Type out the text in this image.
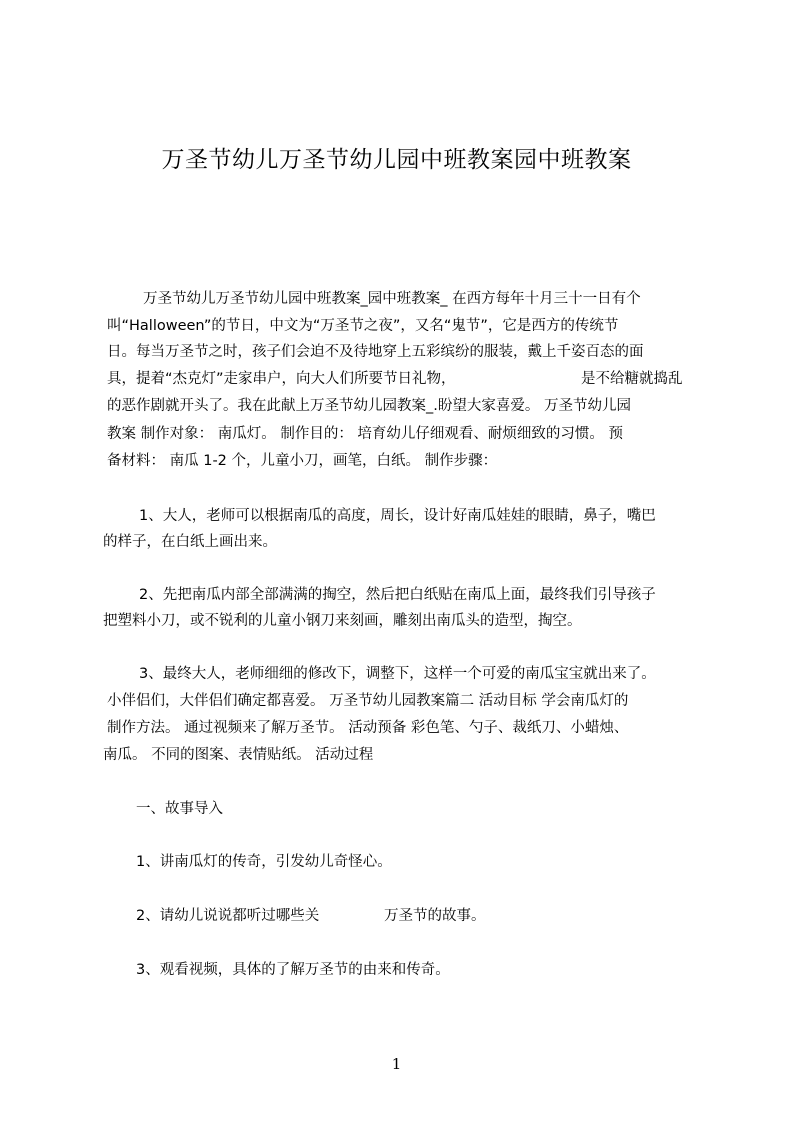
万圣节幼儿万圣节幼儿园中班教案园中班教案
万圣节幼儿万圣节幼儿园中班教案_园中班教案_ 在西方每年十月三十一日有个
叫“Halloween”的节日，中文为“万圣节之夜”，又名“鬼节”，它是西方的传统节
日。每当万圣节之时，孩子们会迫不及待地穿上五彩缤纷的服装，戴上千姿百态的面
具，提着“杰克灯”走家串户，向大人们所要节日礼物，	是不给糖就捣乱
的恶作剧就开头了。我在此献上万圣节幼儿园教案_.盼望大家喜爱。 万圣节幼儿园
教案 制作对象： 南瓜灯。 制作目的： 培育幼儿仔细观看、耐烦细致的习惯。 预
备材料： 南瓜 1-2 个，儿童小刀，画笔，白纸。 制作步骤：
1、大人，老师可以根据南瓜的高度，周长，设计好南瓜娃娃的眼睛，鼻子，嘴巴
的样子，在白纸上画出来。
2、先把南瓜内部全部满满的掏空，然后把白纸贴在南瓜上面，最终我们引导孩子
把塑料小刀，或不锐利的儿童小钢刀来刻画，雕刻出南瓜头的造型，掏空。
3、最终大人，老师细细的修改下，调整下，这样一个可爱的南瓜宝宝就出来了。
小伴侣们，大伴侣们确定都喜爱。 万圣节幼儿园教案篇二 活动目标 学会南瓜灯的
制作方法。 通过视频来了解万圣节。 活动预备 彩色笔、勺子、裁纸刀、小蜡烛、
南瓜。 不同的图案、表情贴纸。 活动过程
一、故事导入
1、讲南瓜灯的传奇，引发幼儿奇怪心。
2、请幼儿说说都听过哪些关	万圣节的故事。
3、观看视频，具体的了解万圣节的由来和传奇。
1
